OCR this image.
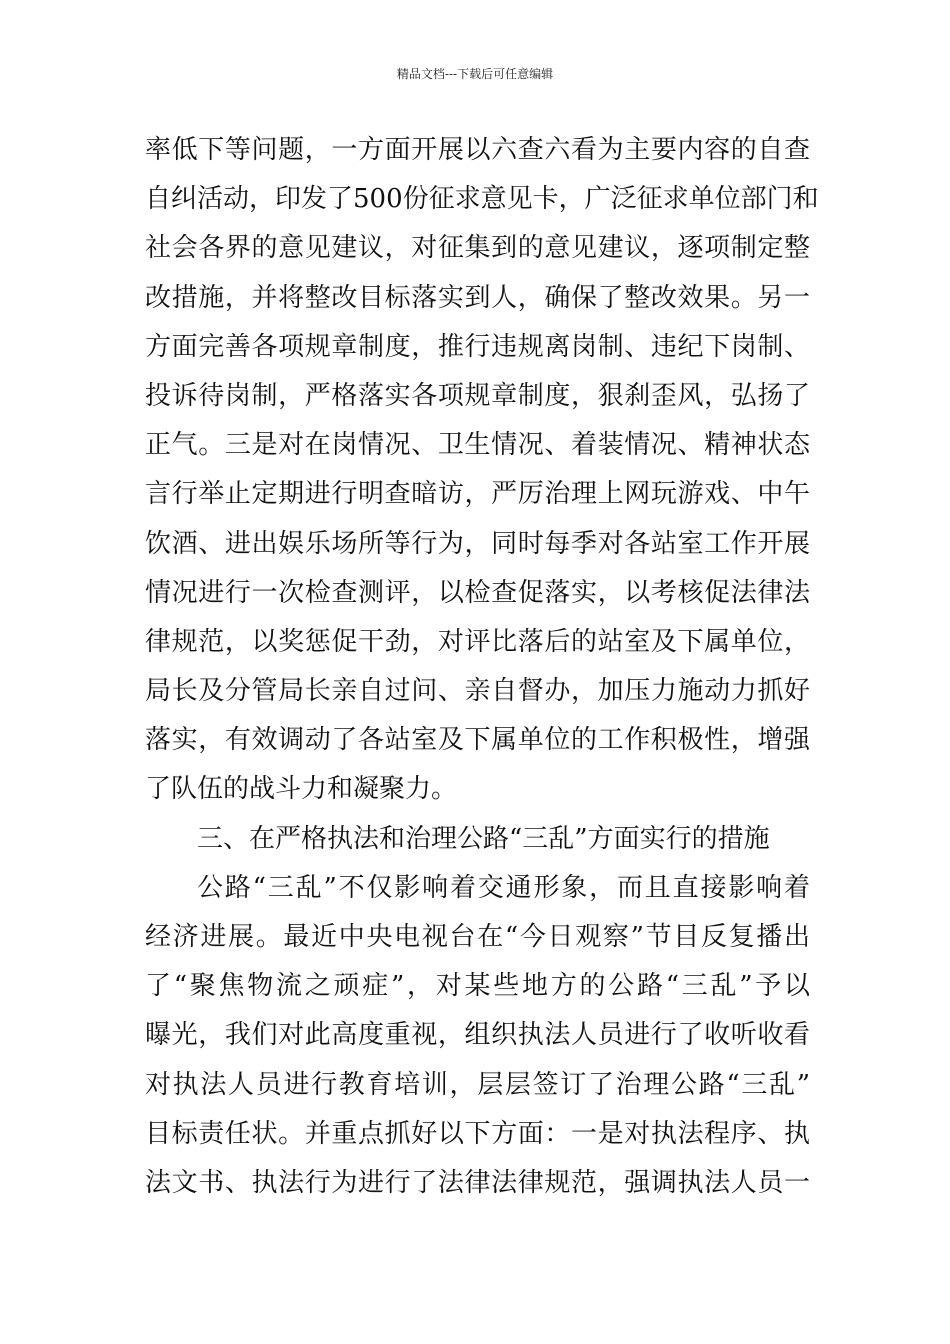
精品文档---下载后可任意编辑
率低下等问题，一方面开展以六查六看为主要内容的自查
自纠活动，印发了500份征求意见卡，广泛征求单位部门和
社会各界的意见建议，对征集到的意见建议，逐项制定整
改措施，并将整改目标落实到人，确保了整改效果。另一
方面完善各项规章制度，推行违规离岗制、违纪下岗制、
投诉待岗制，严格落实各项规章制度，狠刹歪风，弘扬了
正气。三是对在岗情况、卫生情况、着装情况、精神状态
言行举止定期进行明查暗访，严厉治理上网玩游戏、中午
饮酒、进出娱乐场所等行为，同时每季对各站室工作开展
情况进行一次检查测评，以检查促落实，以考核促法律法
律规范，以奖惩促干劲，对评比落后的站室及下属单位，
局长及分管局长亲自过问、亲自督办，加压力施动力抓好
落实，有效调动了各站室及下属单位的工作积极性，增强
了队伍的战斗力和凝聚力。
三、在严格执法和治理公路“三乱”方面实行的措施
公路“三乱”不仅影响着交通形象，而且直接影响着
经济进展。最近中央电视台在“今日观察”节目反复播出
了“聚焦物流之顽症”，对某些地方的公路“三乱”予以
曝光，我们对此高度重视，组织执法人员进行了收听收看
对执法人员进行教育培训，层层签订了治理公路“三乱”
目标责任状。并重点抓好以下方面：一是对执法程序、执
法文书、执法行为进行了法律法律规范，强调执法人员一
